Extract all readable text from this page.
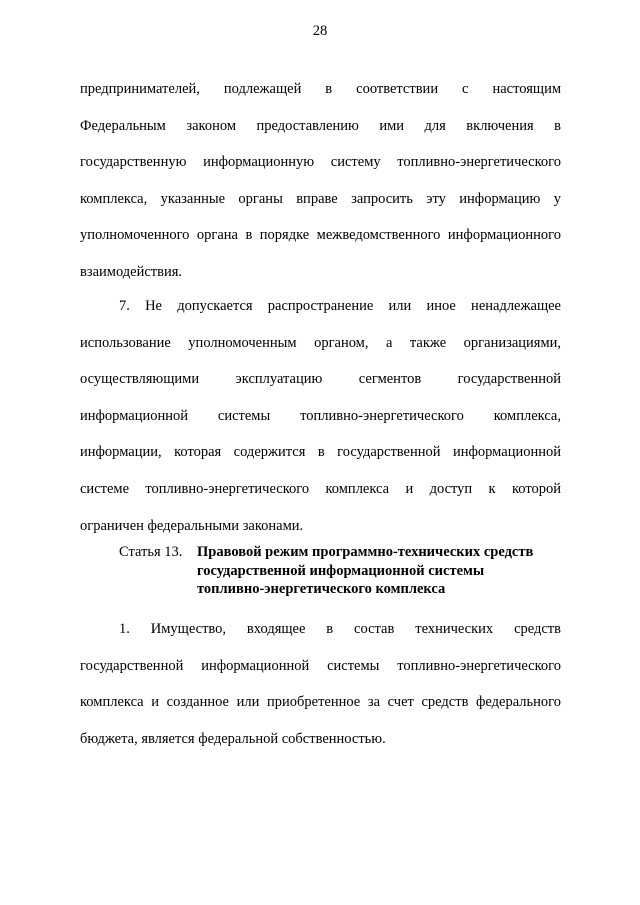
28
предпринимателей, подлежащей в соответствии с настоящим
Федеральным законом предоставлению ими для включения в
государственную информационную систему топливно-энергетического
комплекса, указанные органы вправе запросить эту информацию у
уполномоченного органа в порядке межведомственного информационного
взаимодействия.
7. Не допускается распространение или иное ненадлежащее
использование уполномоченным органом, а также организациями,
осуществляющими эксплуатацию сегментов государственной
информационной системы топливно-энергетического комплекса,
информации, которая содержится в государственной информационной
системе топливно-энергетического комплекса и доступ к которой
ограничен федеральными законами.
Статья 13. Правовой режим программно-технических средств
государственной информационной системы
топливно-энергетического комплекса
1. Имущество, входящее в состав технических средств
государственной информационной системы топливно-энергетического
комплекса и созданное или приобретенное за счет средств федерального
бюджета, является федеральной собственностью.
